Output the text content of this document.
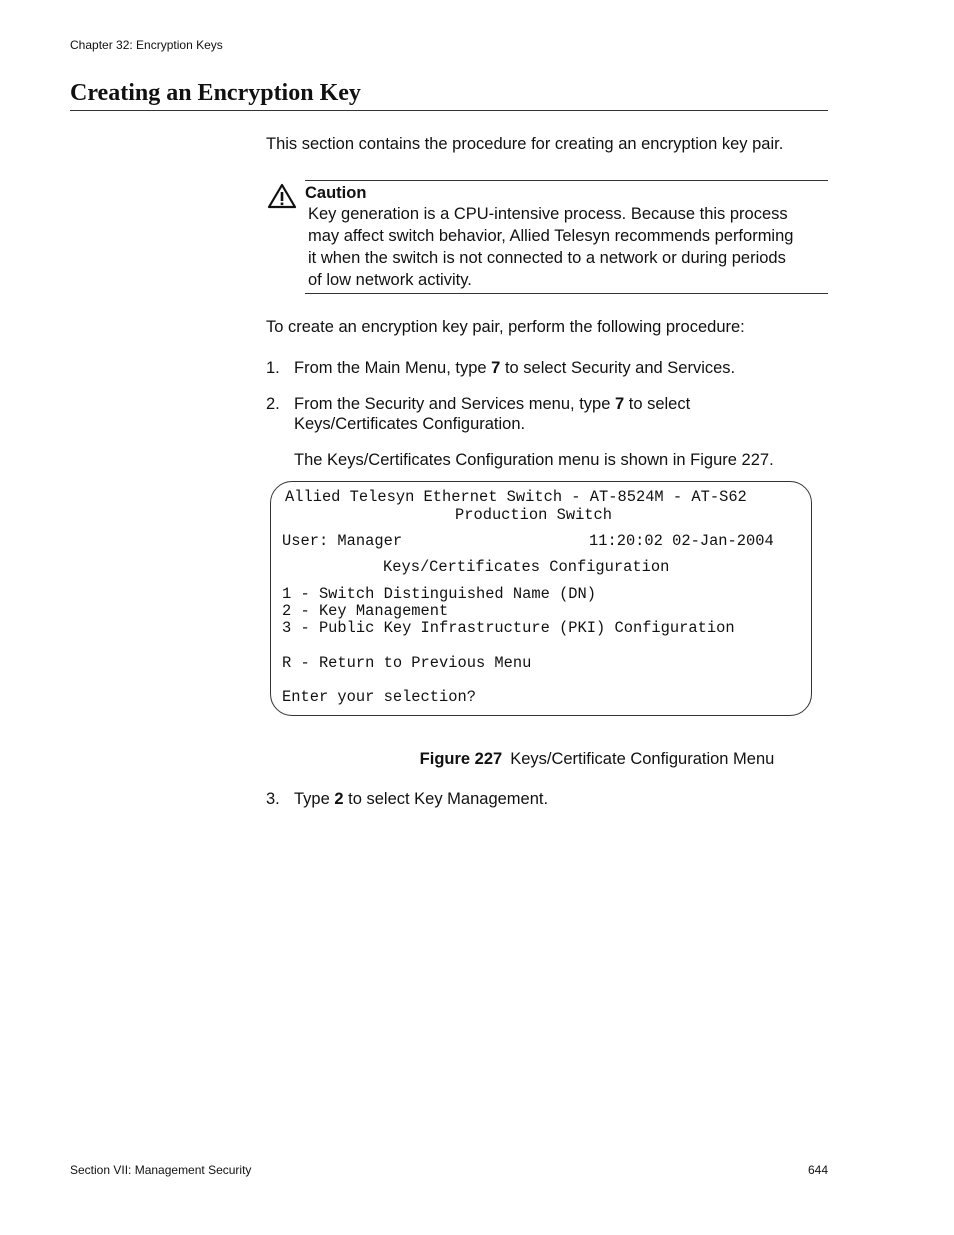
Chapter 32: Encryption Keys
Creating an Encryption Key
This section contains the procedure for creating an encryption key pair.
Caution
Key generation is a CPU-intensive process. Because this process
may affect switch behavior, Allied Telesyn recommends performing
it when the switch is not connected to a network or during periods
of low network activity.
To create an encryption key pair, perform the following procedure:
1. From the Main Menu, type 7 to select Security and Services.
2. From the Security and Services menu, type 7 to select
Keys/Certificates Configuration.
The Keys/Certificates Configuration menu is shown in Figure 227.
Allied Telesyn Ethernet Switch - AT-8524M - AT-S62
Production Switch
User: Manager	11:20:02 02-Jan-2004
Keys/Certificates Configuration
1 - Switch Distinguished Name (DN)
2 - Key Management
3 - Public Key Infrastructure (PKI) Configuration
R - Return to Previous Menu
Enter your selection?
Figure 227 Keys/Certificate Configuration Menu
3. Type 2 to select Key Management.
Section VII: Management Security	644
